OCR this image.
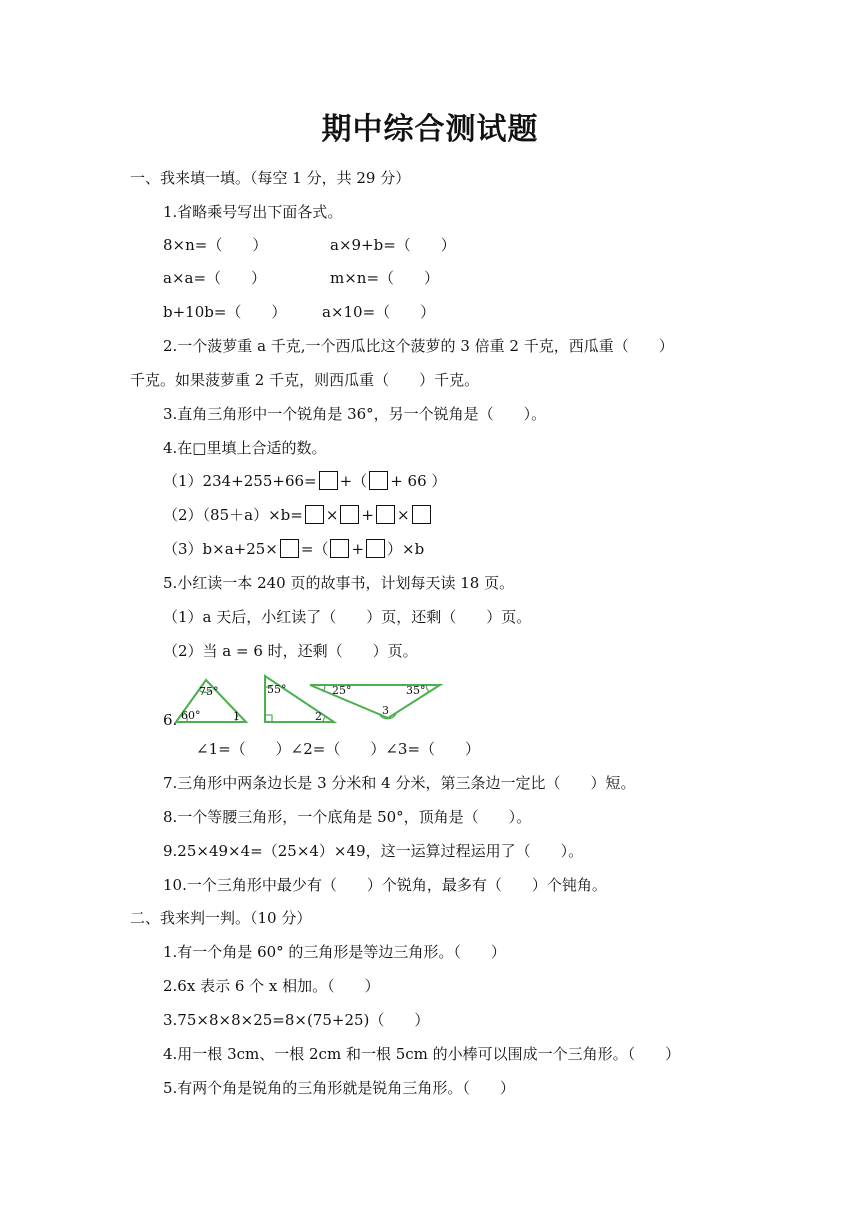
期中综合测试题
一、我来填一填。（每空 1 分，共 29 分）
1.省略乘号写出下面各式。
8×n=（　　）	a×9+b=（　　）
a×a=（　　）	m×n=（　　）
b+10b=（　　） a×10=（　　）
2.一个菠萝重 a 千克,一个西瓜比这个菠萝的 3 倍重 2 千克，西瓜重（　　）
千克。如果菠萝重 2 千克，则西瓜重（　　）千克。
3.直角三角形中一个锐角是 36°，另一个锐角是（　　）。
4.在□里填上合适的数。
（1）234+255+66= +（ + 66 ）
（2）（85＋a）×b= × + ×
（3）b×a+25× =（ + ）×b
5.小红读一本 240 页的故事书，计划每天读 18 页。
（1）a 天后，小红读了（　　）页，还剩（　　）页。
（2）当 a = 6 时，还剩（　　）页。
6.
75°
60°	1
55°
2
25°	35°
3
∠1=（　　）∠2=（　　）∠3=（　　）
7.三角形中两条边长是 3 分米和 4 分米，第三条边一定比（　　）短。
8.一个等腰三角形，一个底角是 50°，顶角是（　　）。
9.25×49×4=（25×4）×49，这一运算过程运用了（　　）。
10.一个三角形中最少有（　　）个锐角，最多有（　　）个钝角。
二、我来判一判。（10 分）
1.有一个角是 60° 的三角形是等边三角形。（　　）
2.6x 表示 6 个 x 相加。（　　）
3.75×8×8×25=8×(75+25)（　　）
4.用一根 3cm、一根 2cm 和一根 5cm 的小棒可以围成一个三角形。（　　）
5.有两个角是锐角的三角形就是锐角三角形。（　　）
